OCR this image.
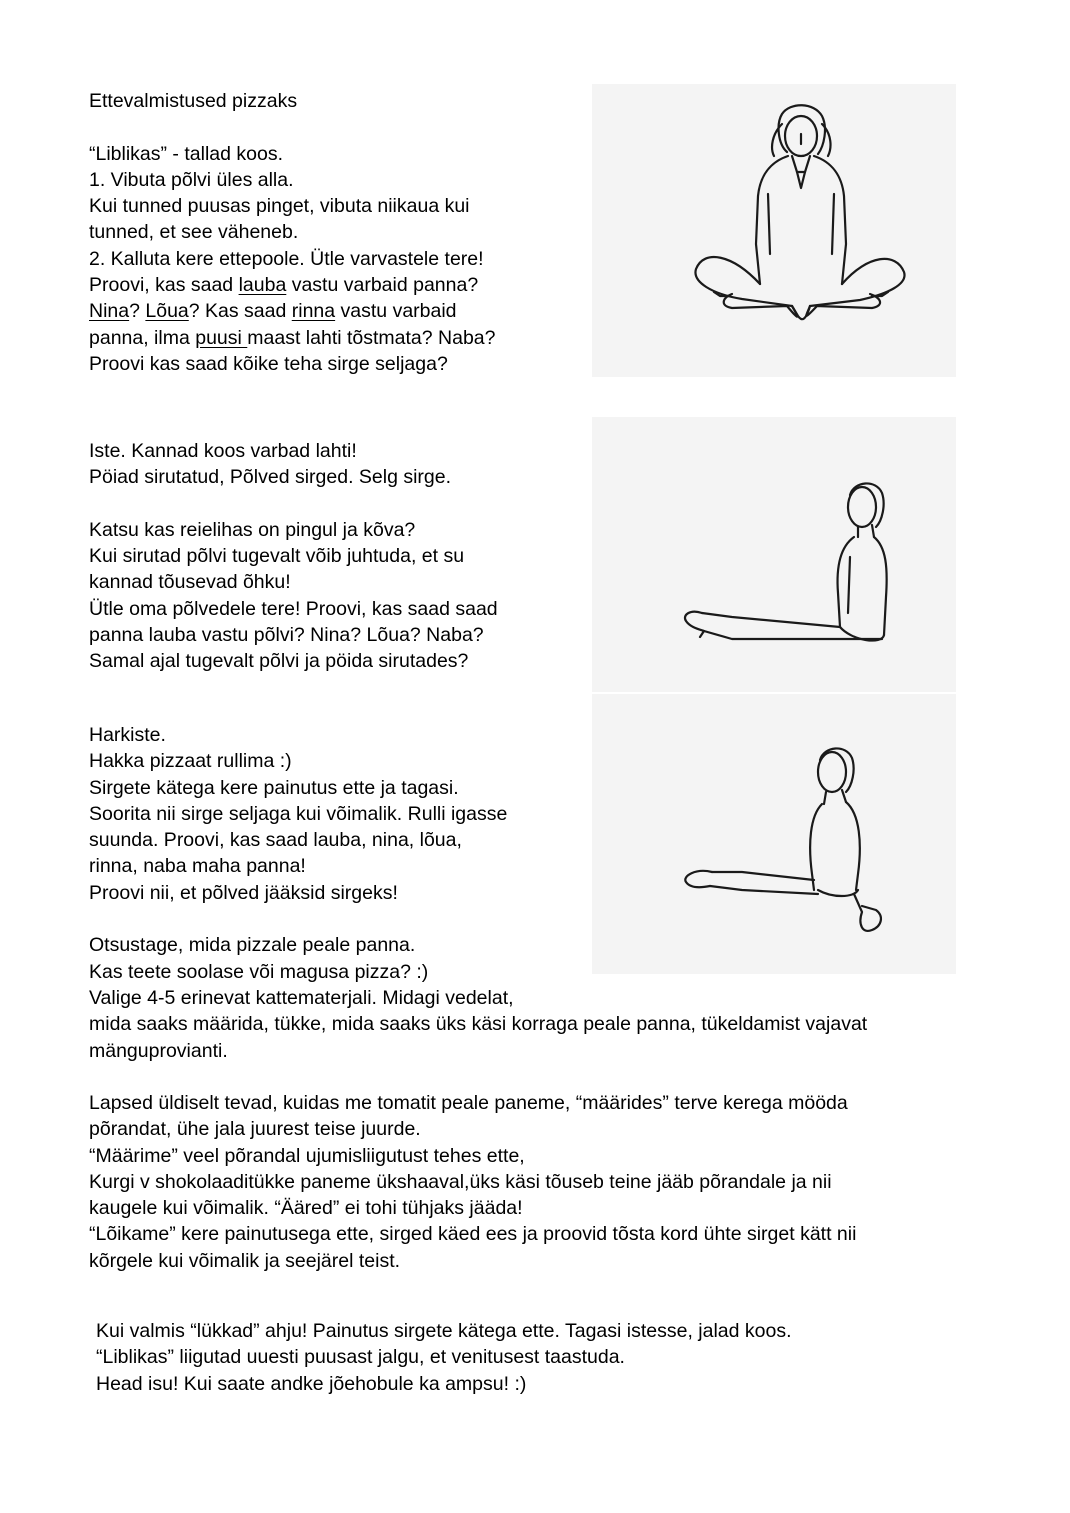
Ettevalmistused pizzaks
“Liblikas” - tallad koos.
1. Vibuta põlvi üles alla.
Kui tunned puusas pinget, vibuta niikaua kui
tunned, et see väheneb.
2. Kalluta kere ettepoole. Ütle varvastele tere!
Proovi, kas saad lauba vastu varbaid panna?
Nina? Lõua? Kas saad rinna vastu varbaid
panna, ilma puusi maast lahti tõstmata? Naba?
Proovi kas saad kõike teha sirge seljaga?
Iste. Kannad koos varbad lahti!
Pöiad sirutatud, Põlved sirged. Selg sirge.
Katsu kas reielihas on pingul ja kõva?
Kui sirutad põlvi tugevalt võib juhtuda, et su
kannad tõusevad õhku!
Ütle oma põlvedele tere! Proovi, kas saad saad
panna lauba vastu põlvi? Nina? Lõua? Naba?
Samal ajal tugevalt põlvi ja pöida sirutades?
Harkiste.
Hakka pizzaat rullima :)
Sirgete kätega kere painutus ette ja tagasi.
Soorita nii sirge seljaga kui võimalik. Rulli igasse
suunda. Proovi, kas saad lauba, nina, lõua,
rinna, naba maha panna!
Proovi nii, et põlved jääksid sirgeks!
Otsustage, mida pizzale peale panna.
Kas teete soolase või magusa pizza? :)
Valige 4-5 erinevat kattematerjali. Midagi vedelat,
mida saaks määrida, tükke, mida saaks üks käsi korraga peale panna, tükeldamist vajavat
mänguprovianti.
Lapsed üldiselt tevad, kuidas me tomatit peale paneme, “määrides” terve kerega mööda
põrandat, ühe jala juurest teise juurde.
“Määrime” veel põrandal ujumisliigutust tehes ette,
Kurgi v shokolaaditükke paneme ükshaaval,üks käsi tõuseb teine jääb põrandale ja nii
kaugele kui võimalik. “Ääred” ei tohi tühjaks jääda!
“Lõikame” kere painutusega ette, sirged käed ees ja proovid tõsta kord ühte sirget kätt nii
kõrgele kui võimalik ja seejärel teist.
Kui valmis “lükkad” ahju! Painutus sirgete kätega ette. Tagasi istesse, jalad koos.
“Liblikas” liigutad uuesti puusast jalgu, et venitusest taastuda.
Head isu! Kui saate andke jõehobule ka ampsu! :)
